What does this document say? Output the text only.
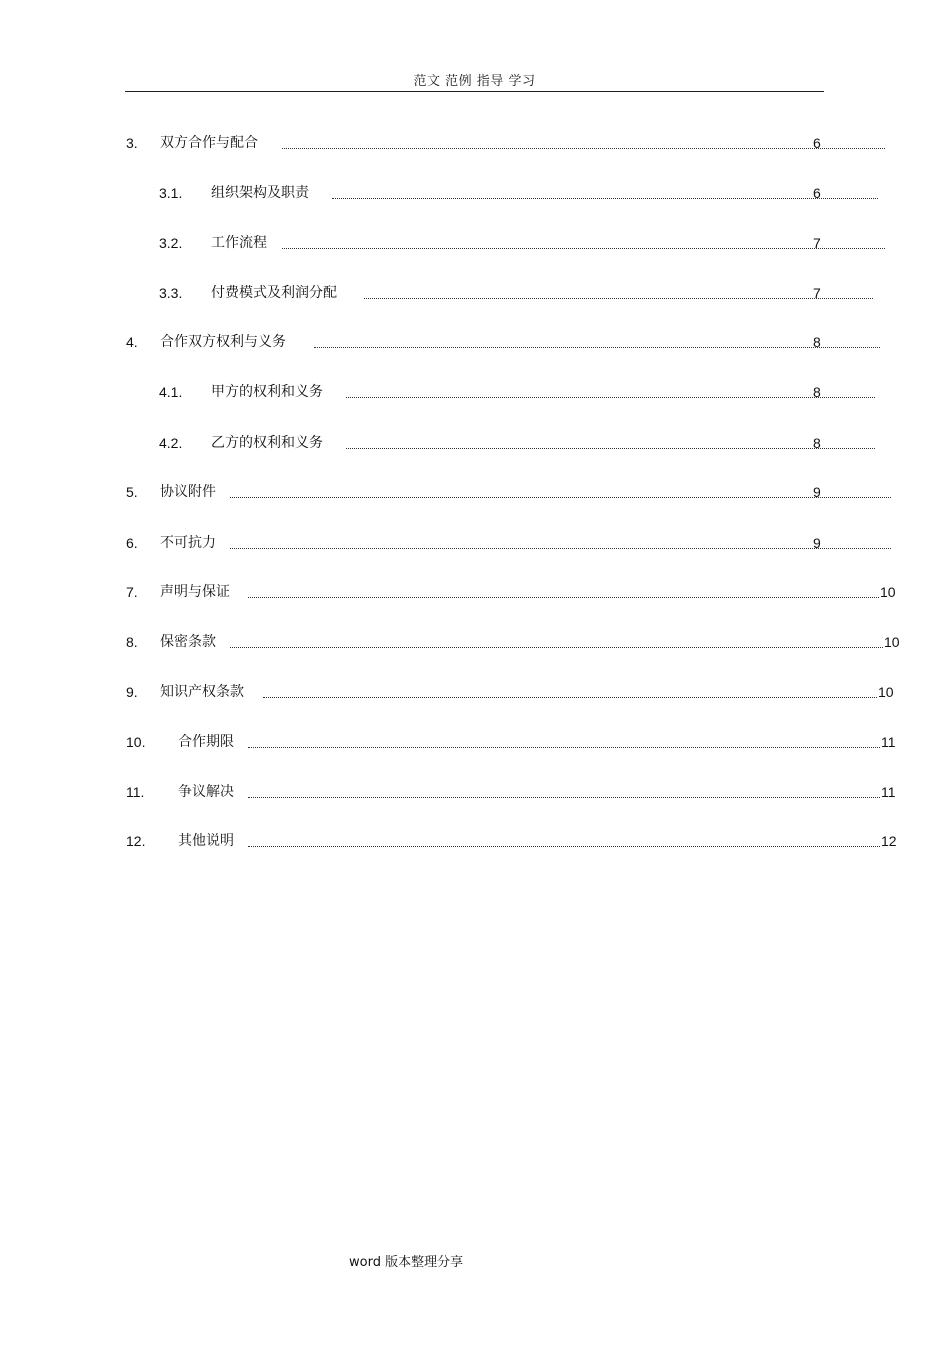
范文 范例 指导 学习
3. 双方合作与配合	6
3.1. 组织架构及职责	6
3.2. 工作流程	7
3.3. 付费模式及利润分配	7
4. 合作双方权利与义务	8
4.1. 甲方的权利和义务	8
4.2. 乙方的权利和义务	8
5. 协议附件	9
6. 不可抗力	9
7. 声明与保证	10
8. 保密条款	10
9. 知识产权条款	10
10. 合作期限	11
11. 争议解决	11
12. 其他说明	12
word 版本整理分享
